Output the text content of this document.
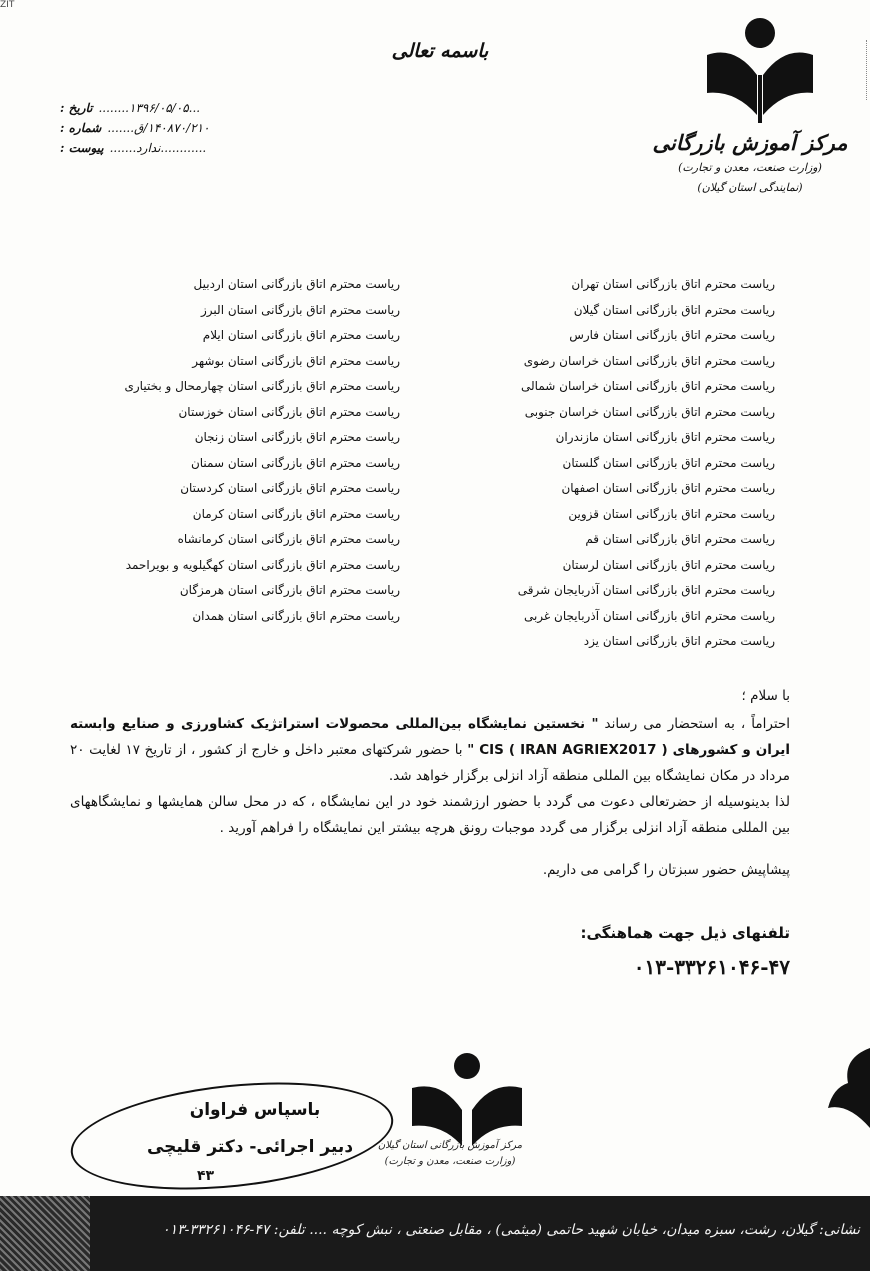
ZIT
باسمه تعالی
تاریخ : ...۱۳۹۶/۰۵/۰۵........
شماره : ۱۴۰۸۷۰/۲۱۰/ق.......
پیوست : ............ندارد.......	مرکز آموزش بازرگانی
(وزارت صنعت، معدن و تجارت)
(نمایندگی استان گیلان)
ریاست محترم اتاق بازرگانی استان تهران
ریاست محترم اتاق بازرگانی استان گیلان
ریاست محترم اتاق بازرگانی استان فارس
ریاست محترم اتاق بازرگانی استان خراسان رضوی
ریاست محترم اتاق بازرگانی استان خراسان شمالی
ریاست محترم اتاق بازرگانی استان خراسان جنوبی
ریاست محترم اتاق بازرگانی استان مازندران
ریاست محترم اتاق بازرگانی استان گلستان
ریاست محترم اتاق بازرگانی استان اصفهان
ریاست محترم اتاق بازرگانی استان قزوین
ریاست محترم اتاق بازرگانی استان قم
ریاست محترم اتاق بازرگانی استان لرستان
ریاست محترم اتاق بازرگانی استان آذربایجان شرقی
ریاست محترم اتاق بازرگانی استان آذربایجان غربی
ریاست محترم اتاق بازرگانی استان یزد
ریاست محترم اتاق بازرگانی استان اردبیل
ریاست محترم اتاق بازرگانی استان البرز
ریاست محترم اتاق بازرگانی استان ایلام
ریاست محترم اتاق بازرگانی استان بوشهر
ریاست محترم اتاق بازرگانی استان چهارمحال و بختیاری
ریاست محترم اتاق بازرگانی استان خوزستان
ریاست محترم اتاق بازرگانی استان زنجان
ریاست محترم اتاق بازرگانی استان سمنان
ریاست محترم اتاق بازرگانی استان کردستان
ریاست محترم اتاق بازرگانی استان کرمان
ریاست محترم اتاق بازرگانی استان کرمانشاه
ریاست محترم اتاق بازرگانی استان کهگیلویه و بویراحمد
ریاست محترم اتاق بازرگانی استان هرمزگان
ریاست محترم اتاق بازرگانی استان همدان

با سلام ؛

احتراماً ، به استحضار می رساند " نخستین نمایشگاه بین‌المللی محصولات استراتژیک کشاورزی و صنایع وابسته ایران و کشورهای CIS ( IRAN AGRIEX2017 ) " با حضور شرکتهای معتبر داخل و خارج از کشور ، از تاریخ ۱۷ لغایت ۲۰ مرداد در مکان نمایشگاه بین المللی منطقه آزاد انزلی برگزار خواهد شد.

لذا بدینوسیله از حضرتعالی دعوت می گردد با حضور ارزشمند خود در این نمایشگاه ، که در محل سالن همایشها و نمایشگاههای بین المللی منطقه آزاد انزلی برگزار می گردد موجبات رونق هرچه بیشتر این نمایشگاه را فراهم آورید .

پیشاپیش حضور سبزتان را گرامی می داریم.

تلفنهای ذیل جهت هماهنگی:
۰۱۳-۳۳۲۶۱۰۴۶-۴۷
باسپاس فراوان
دبیر اجرائی- دکتر قلیچی
۴۳
مرکز آموزش بازرگانی استان گیلان
(وزارت صنعت، معدن و تجارت)
نشانی: گیلان، رشت، سبزه میدان، خیابان شهید حاتمی (میثمی) ، مقابل صنعتی ، نبش کوچه .... تلفن: ۴۷-۳۳۲۶۱۰۴۶-۰۱۳
